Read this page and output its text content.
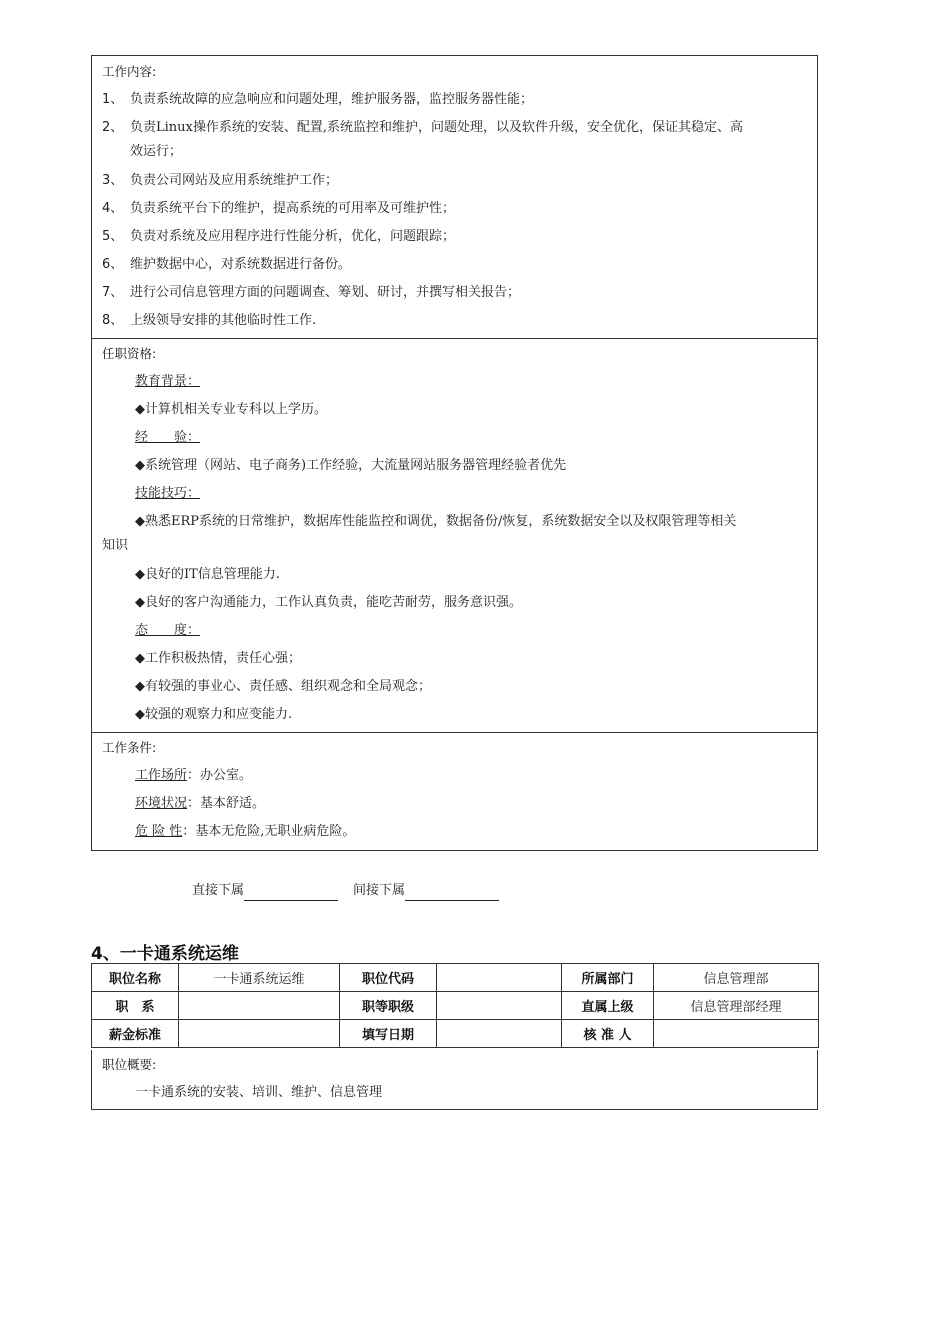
工作内容:
1、 负责系统故障的应急响应和问题处理，维护服务器，监控服务器性能；
2、 负责Linux操作系统的安装、配置,系统监控和维护，问题处理，以及软件升级，安全优化，保证其稳定、高
效运行；
3、 负责公司网站及应用系统维护工作；
4、 负责系统平台下的维护，提高系统的可用率及可维护性；
5、 负责对系统及应用程序进行性能分析，优化，问题跟踪；
6、 维护数据中心，对系统数据进行备份。
7、 进行公司信息管理方面的问题调查、筹划、研讨，并撰写相关报告；
8、 上级领导安排的其他临时性工作.
任职资格:
教育背景：
◆计算机相关专业专科以上学历。
经　　验：
◆系统管理（网站、电子商务)工作经验，大流量网站服务器管理经验者优先
技能技巧：
◆熟悉ERP系统的日常维护，数据库性能监控和调优，数据备份/恢复，系统数据安全以及权限管理等相关
知识
◆良好的IT信息管理能力.
◆良好的客户沟通能力，工作认真负责，能吃苦耐劳，服务意识强。
态　　度：
◆工作积极热情，责任心强；
◆有较强的事业心、责任感、组织观念和全局观念；
◆较强的观察力和应变能力.
工作条件:
工作场所：办公室。
环境状况：基本舒适。
危 险 性：基本无危险,无职业病危险。
直接下属	间接下属
4、一卡通系统运维
职位名称	一卡通系统运维	职位代码		所属部门	信息管理部
职　系		职等职级		直属上级	信息管理部经理
薪金标准		填写日期		核 准 人	
职位概要:
一卡通系统的安装、培训、维护、信息管理
